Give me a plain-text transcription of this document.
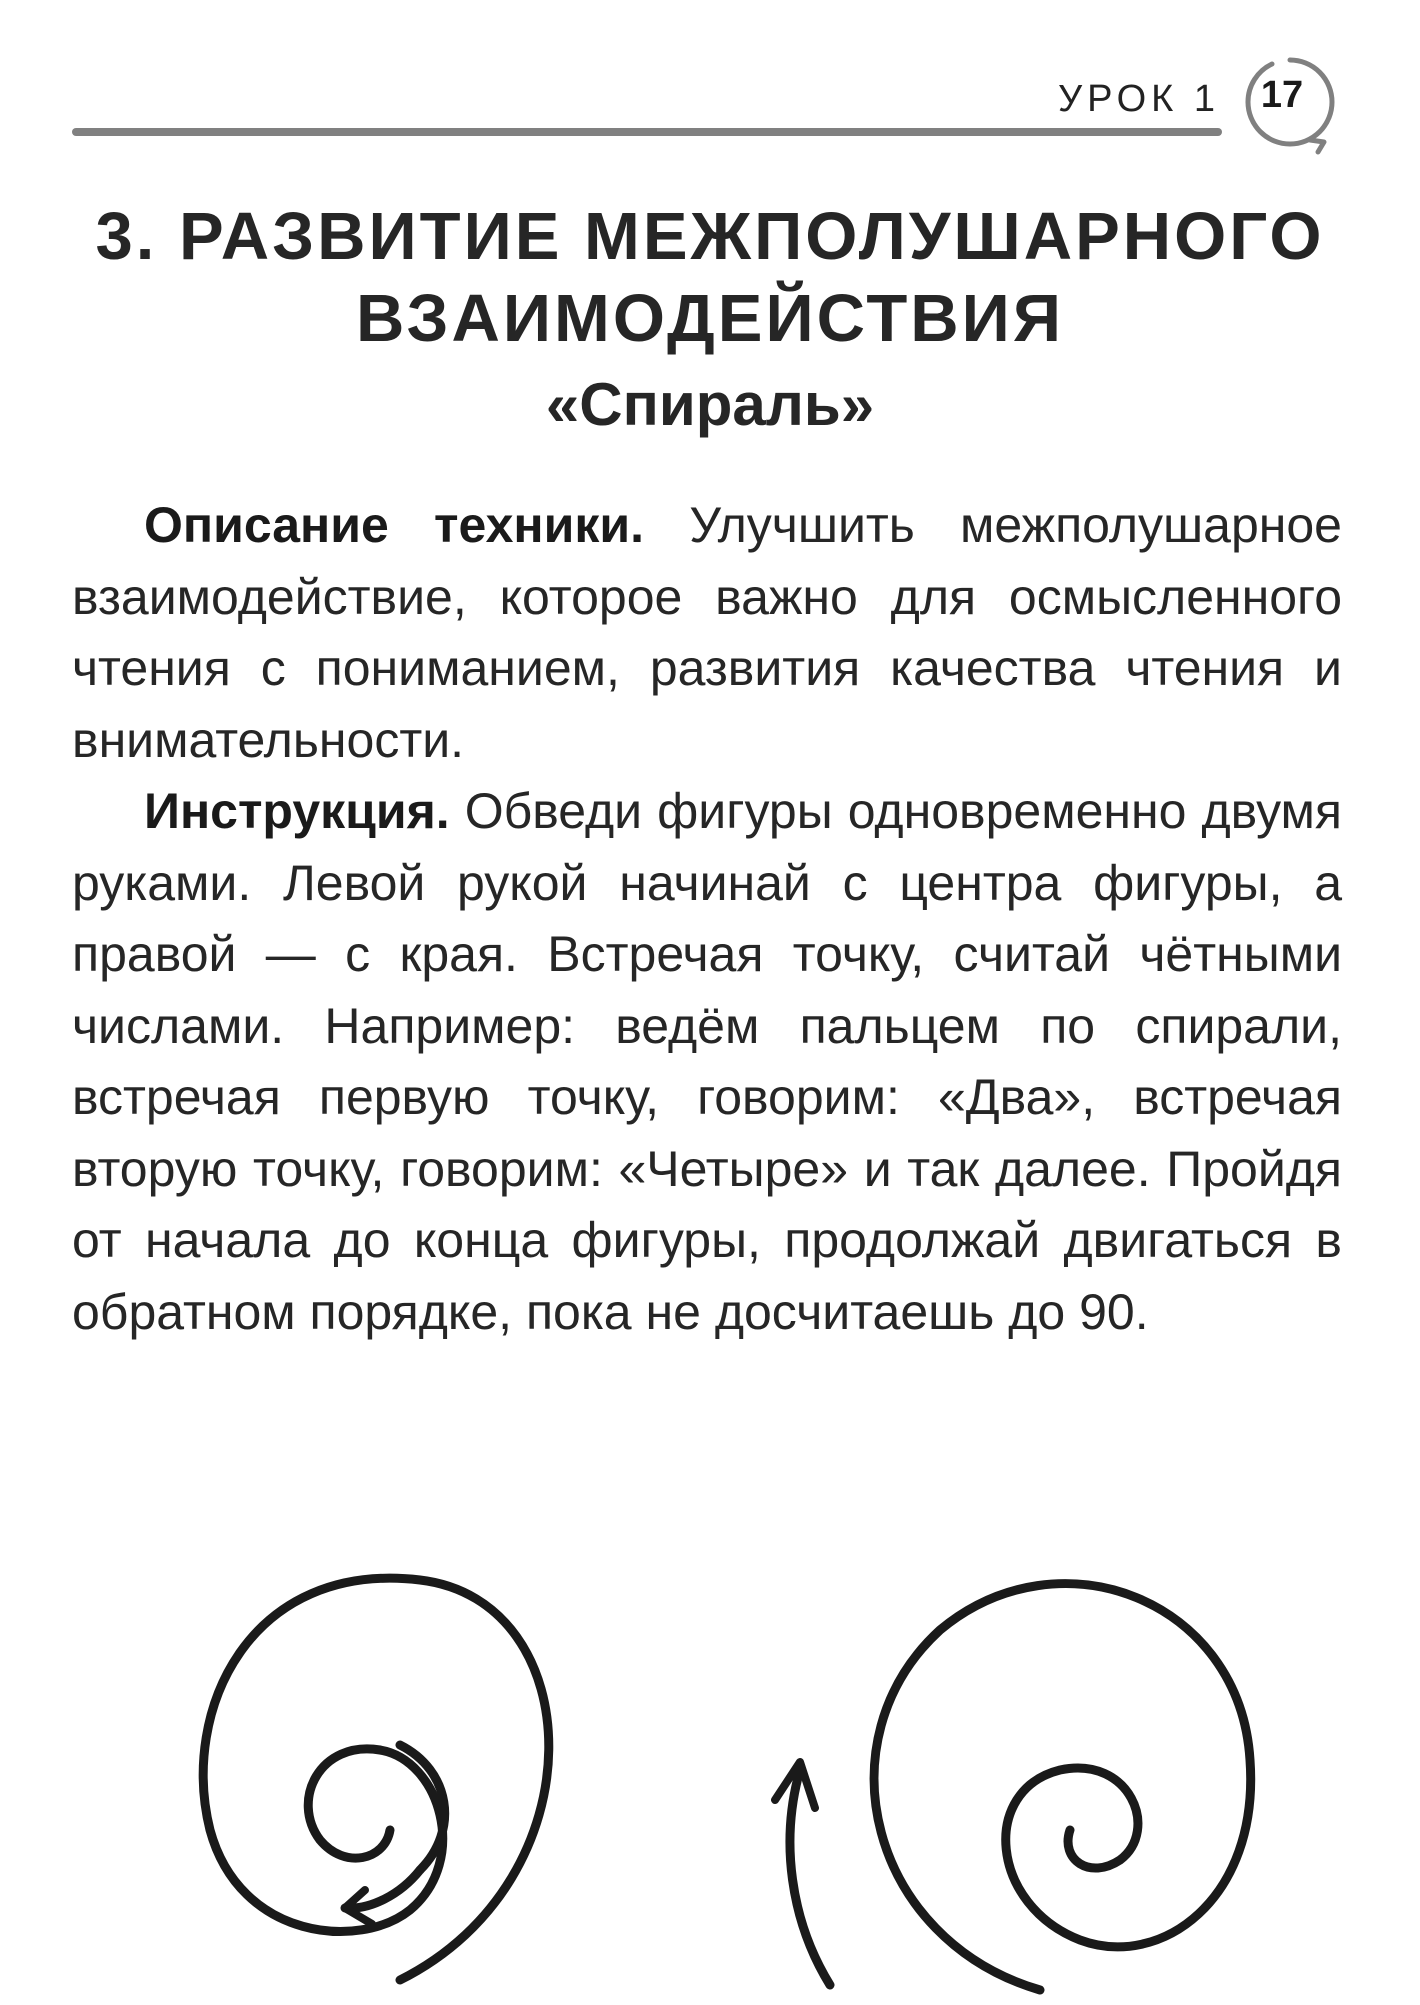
УРОК 1	17
3. РАЗВИТИЕ МЕЖПОЛУШАРНОГО
ВЗАИМОДЕЙСТВИЯ
«Спираль»

Описание техники. Улучшить межполушарное взаимодействие, которое важно для осмысленного чтения с пониманием, развития качества чтения и внимательности.

Инструкция. Обведи фигуры одновременно двумя руками. Левой рукой начинай с центра фигуры, а правой — с края. Встречая точку, считай чётными числами. Например: ведём пальцем по спирали, встречая первую точку, говорим: «Два», встречая вторую точку, говорим: «Четыре» и так далее. Пройдя от начала до конца фигуры, продолжай двигаться в обратном порядке, пока не досчитаешь до 90.
